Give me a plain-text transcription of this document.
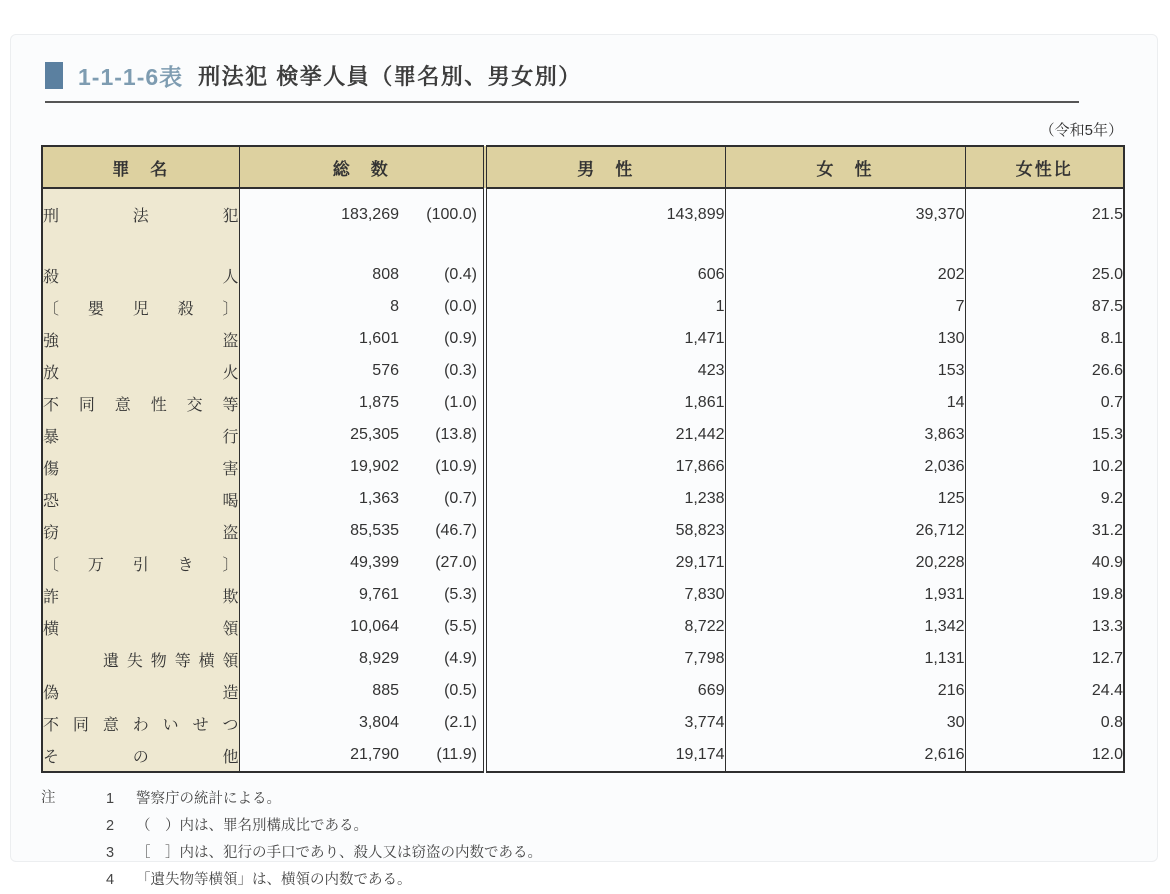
1-1-1-6表 刑法犯 検挙人員（罪名別、男女別）
（令和5年）
罪　名	総　数	男　性	女　性	女性比
刑法犯	183,269 (100.0)	143,899	39,370	21.5
殺人	808 (0.4)	606	202	25.0
〔嬰児殺〕	8 (0.0)	1	7	87.5
強盗	1,601 (0.9)	1,471	130	8.1
放火	576 (0.3)	423	153	26.6
不同意性交等	1,875 (1.0)	1,861	14	0.7
暴行	25,305 (13.8)	21,442	3,863	15.3
傷害	19,902 (10.9)	17,866	2,036	10.2
恐喝	1,363 (0.7)	1,238	125	9.2
窃盗	85,535 (46.7)	58,823	26,712	31.2
〔万引き〕	49,399 (27.0)	29,171	20,228	40.9
詐欺	9,761 (5.3)	7,830	1,931	19.8
横領	10,064 (5.5)	8,722	1,342	13.3
遺失物等横領	8,929 (4.9)	7,798	1,131	12.7
偽造	885 (0.5)	669	216	24.4
不同意わいせつ	3,804 (2.1)	3,774	30	0.8
その他	21,790 (11.9)	19,174	2,616	12.0
注	1 警察庁の統計による。
2 （　）内は、罪名別構成比である。
3 ［　］内は、犯行の手口であり、殺人又は窃盗の内数である。
4 「遺失物等横領」は、横領の内数である。
